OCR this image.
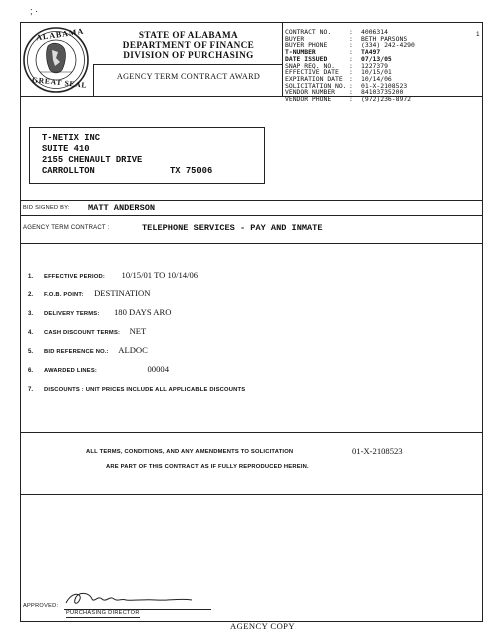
; ·
ALABAMA
GREAT SEAL
STATE OF ALABAMA
DEPARTMENT OF FINANCE
DIVISION OF PURCHASING
AGENCY TERM CONTRACT AWARD
1
CONTRACT NO.	: 4006314
BUYER	: BETH PARSONS
BUYER PHONE	: (334) 242-4290
T-NUMBER	: TA497
DATE ISSUED	: 07/13/05
SNAP REQ. NO. : 1227379
EFFECTIVE DATE : 10/15/01
EXPIRATION DATE : 10/14/06
SOLICITATION NO. : 01-X-2108523
VENDOR NUMBER : 84103735200
VENDOR PHONE	: (972)236-8972
T-NETIX INC
SUITE 410
2155 CHENAULT DRIVE
CARROLLTON	TX 75006
BID SIGNED BY: MATT ANDERSON
AGENCY TERM CONTRACT :	TELEPHONE SERVICES - PAY AND INMATE
1. EFFECTIVE PERIOD: 10/15/01 TO 10/14/06
2. F.O.B. POINT: DESTINATION
3. DELIVERY TERMS: 180 DAYS ARO
4. CASH DISCOUNT TERMS: NET
5. BID REFERENCE NO.: ALDOC
6. AWARDED LINES:	00004
7. DISCOUNTS : UNIT PRICES INCLUDE ALL APPLICABLE DISCOUNTS
ALL TERMS, CONDITIONS, AND ANY AMENDMENTS TO SOLICITATION	01-X-2108523
ARE PART OF THIS CONTRACT AS IF FULLY REPRODUCED HEREIN.
APPROVED:
PURCHASING DIRECTOR
AGENCY COPY
